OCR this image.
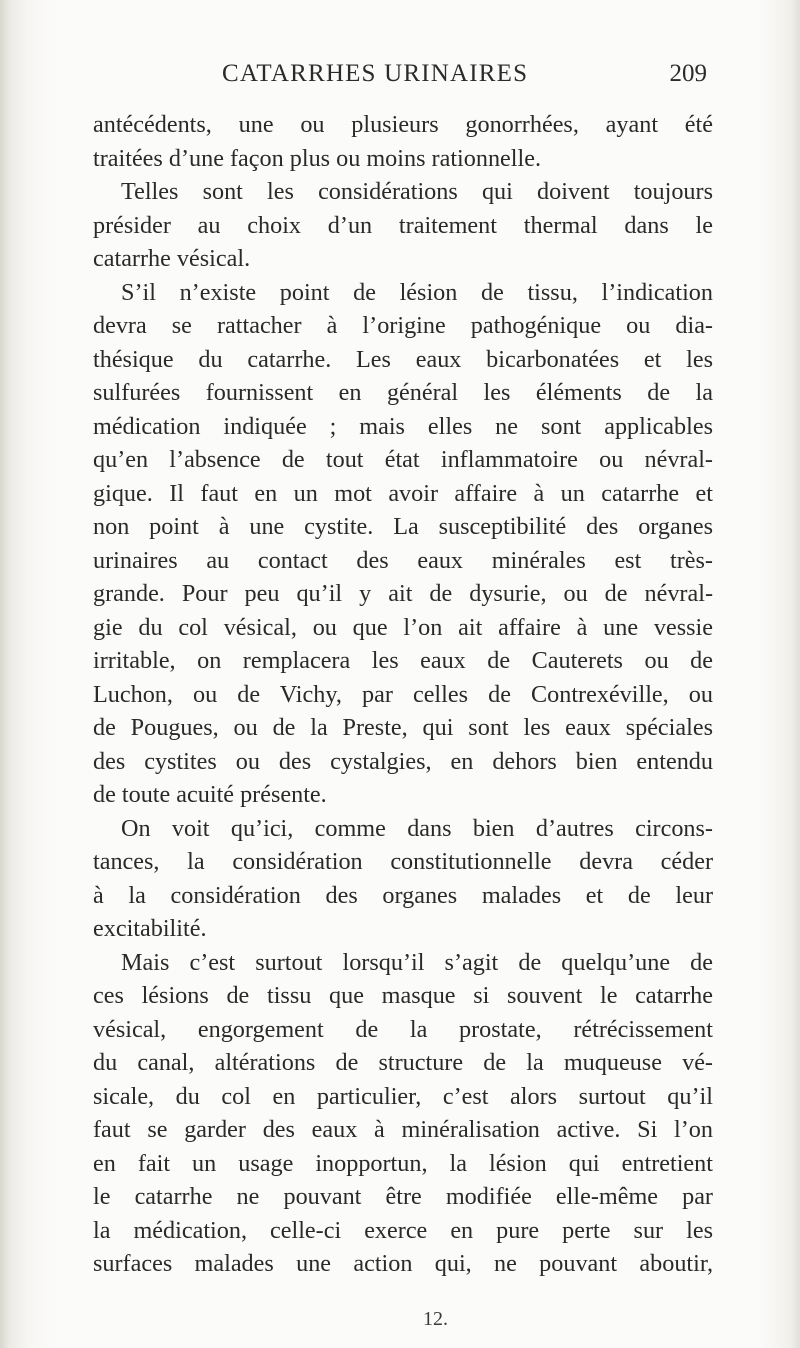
CATARRHES URINAIRES	209
antécédents, une ou plusieurs gonorrhées, ayant été
traitées d’une façon plus ou moins rationnelle.
Telles sont les considérations qui doivent toujours
présider au choix d’un traitement thermal dans le
catarrhe vésical.
S’il n’existe point de lésion de tissu, l’indication
devra se rattacher à l’origine pathogénique ou dia-
thésique du catarrhe. Les eaux bicarbonatées et les
sulfurées fournissent en général les éléments de la
médication indiquée ; mais elles ne sont applicables
qu’en l’absence de tout état inflammatoire ou névral-
gique. Il faut en un mot avoir affaire à un catarrhe et
non point à une cystite. La susceptibilité des organes
urinaires au contact des eaux minérales est très-
grande. Pour peu qu’il y ait de dysurie, ou de névral-
gie du col vésical, ou que l’on ait affaire à une vessie
irritable, on remplacera les eaux de Cauterets ou de
Luchon, ou de Vichy, par celles de Contrexéville, ou
de Pougues, ou de la Preste, qui sont les eaux spéciales
des cystites ou des cystalgies, en dehors bien entendu
de toute acuité présente.
On voit qu’ici, comme dans bien d’autres circons-
tances, la considération constitutionnelle devra céder
à la considération des organes malades et de leur
excitabilité.
Mais c’est surtout lorsqu’il s’agit de quelqu’une de
ces lésions de tissu que masque si souvent le catarrhe
vésical, engorgement de la prostate, rétrécissement
du canal, altérations de structure de la muqueuse vé-
sicale, du col en particulier, c’est alors surtout qu’il
faut se garder des eaux à minéralisation active. Si l’on
en fait un usage inopportun, la lésion qui entretient
le catarrhe ne pouvant être modifiée elle-même par
la médication, celle-ci exerce en pure perte sur les
surfaces malades une action qui, ne pouvant aboutir,
12.
